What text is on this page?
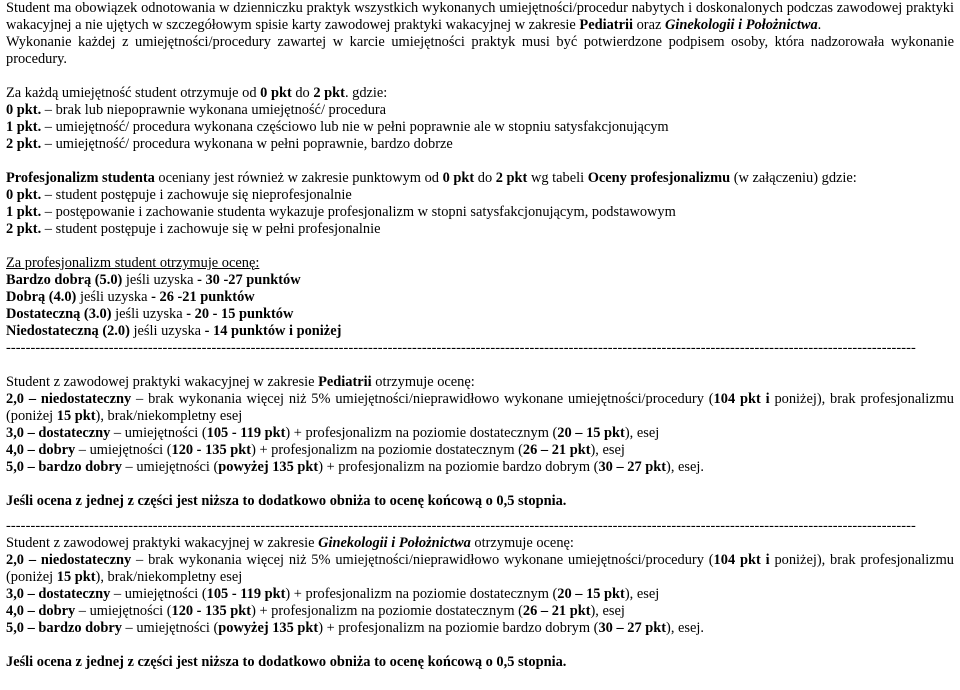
Student ma obowiązek odnotowania w dzienniczku praktyk wszystkich wykonanych umiejętności/procedur nabytych i doskonalonych podczas zawodowej praktyki wakacyjnej a nie ujętych w szczegółowym spisie karty zawodowej praktyki wakacyjnej w zakresie Pediatrii oraz Ginekologii i Położnictwa.

Wykonanie każdej z umiejętności/procedury zawartej w karcie umiejętności praktyk musi być potwierdzone podpisem osoby, która nadzorowała wykonanie procedury.

Za każdą umiejętność student otrzymuje od 0 pkt do 2 pkt. gdzie:

0 pkt. – brak lub niepoprawnie wykonana umiejętność/ procedura

1 pkt. – umiejętność/ procedura wykonana częściowo lub nie w pełni poprawnie ale w stopniu satysfakcjonującym

2 pkt. – umiejętność/ procedura wykonana w pełni poprawnie, bardzo dobrze

Profesjonalizm studenta oceniany jest również w zakresie punktowym od 0 pkt do 2 pkt wg tabeli Oceny profesjonalizmu (w załączeniu) gdzie:

0 pkt. – student postępuje i zachowuje się nieprofesjonalnie

1 pkt. – postępowanie i zachowanie studenta wykazuje profesjonalizm w stopni satysfakcjonującym, podstawowym

2 pkt. – student postępuje i zachowuje się w pełni profesjonalnie

Za profesjonalizm student otrzymuje ocenę:

Bardzo dobrą (5.0) jeśli uzyska - 30 -27 punktów

Dobrą (4.0) jeśli uzyska - 26 -21 punktów

Dostateczną (3.0) jeśli uzyska - 20 - 15 punktów

Niedostateczną (2.0) jeśli uzyska - 14 punktów i poniżej

------------------------------------------------------------------------------------------------------------------------------------------------------------------------------------------

Student z zawodowej praktyki wakacyjnej w zakresie Pediatrii otrzymuje ocenę:

2,0 – niedostateczny – brak wykonania więcej niż 5% umiejętności/nieprawidłowo wykonane umiejętności/procedury (104 pkt i poniżej), brak profesjonalizmu (poniżej 15 pkt), brak/niekompletny esej

3,0 – dostateczny – umiejętności (105 - 119 pkt) + profesjonalizm na poziomie dostatecznym (20 – 15 pkt), esej

4,0 – dobry – umiejętności (120 - 135 pkt) + profesjonalizm na poziomie dostatecznym (26 – 21 pkt), esej

5,0 – bardzo dobry – umiejętności (powyżej 135 pkt) + profesjonalizm na poziomie bardzo dobrym (30 – 27 pkt), esej.

Jeśli ocena z jednej z części jest niższa to dodatkowo obniża to ocenę końcową o 0,5 stopnia.

------------------------------------------------------------------------------------------------------------------------------------------------------------------------------------------

Student z zawodowej praktyki wakacyjnej w zakresie Ginekologii i Położnictwa otrzymuje ocenę:

2,0 – niedostateczny – brak wykonania więcej niż 5% umiejętności/nieprawidłowo wykonane umiejętności/procedury (104 pkt i poniżej), brak profesjonalizmu (poniżej 15 pkt), brak/niekompletny esej

3,0 – dostateczny – umiejętności (105 - 119 pkt) + profesjonalizm na poziomie dostatecznym (20 – 15 pkt), esej

4,0 – dobry – umiejętności (120 - 135 pkt) + profesjonalizm na poziomie dostatecznym (26 – 21 pkt), esej

5,0 – bardzo dobry – umiejętności (powyżej 135 pkt) + profesjonalizm na poziomie bardzo dobrym (30 – 27 pkt), esej.

Jeśli ocena z jednej z części jest niższa to dodatkowo obniża to ocenę końcową o 0,5 stopnia.
